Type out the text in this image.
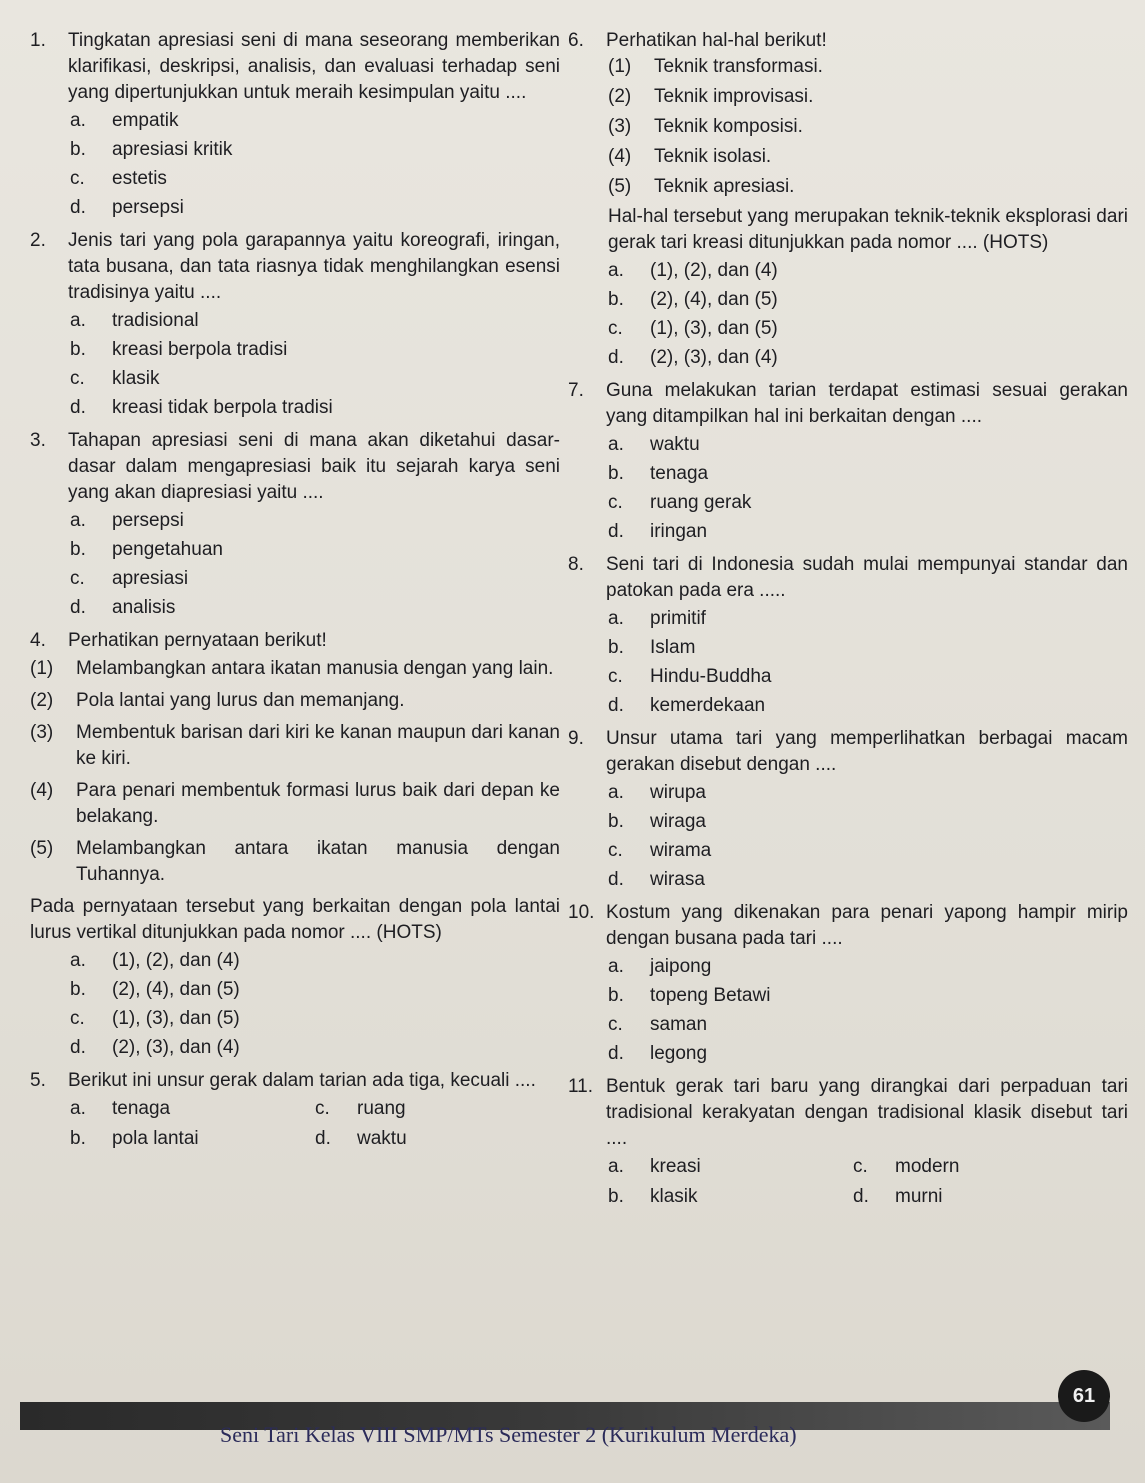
1.	Tingkatan apresiasi seni di mana seseorang memberikan klarifikasi, deskripsi, analisis, dan evaluasi terhadap seni yang dipertunjukkan untuk meraih kesimpulan yaitu ....
a.	empatik
b.	apresiasi kritik
c.	estetis
d.	persepsi
2.	Jenis tari yang pola garapannya yaitu koreografi, iringan, tata busana, dan tata riasnya tidak menghilangkan esensi tradisinya yaitu ....
a.	tradisional
b.	kreasi berpola tradisi
c.	klasik
d.	kreasi tidak berpola tradisi
3.	Tahapan apresiasi seni di mana akan diketahui dasar-dasar dalam mengapresiasi baik itu sejarah karya seni yang akan diapresiasi yaitu ....
a.	persepsi
b.	pengetahuan
c.	apresiasi
d.	analisis
4.	Perhatikan pernyataan berikut!
(1)	Melambangkan antara ikatan manusia dengan yang lain.
(2)	Pola lantai yang lurus dan memanjang.
(3)	Membentuk barisan dari kiri ke kanan maupun dari kanan ke kiri.
(4)	Para penari membentuk formasi lurus baik dari depan ke belakang.
(5)	Melambangkan antara ikatan manusia dengan Tuhannya.
Pada pernyataan tersebut yang berkaitan dengan pola lantai lurus vertikal ditunjukkan pada nomor .... (HOTS)
a.	(1), (2), dan (4)
b.	(2), (4), dan (5)
c.	(1), (3), dan (5)
d.	(2), (3), dan (4)
5.	Berikut ini unsur gerak dalam tarian ada tiga, kecuali ....
a.	tenaga	c.	ruang
b.	pola lantai	d.	waktu
6.	Perhatikan hal-hal berikut!
(1)	Teknik transformasi.
(2)	Teknik improvisasi.
(3)	Teknik komposisi.
(4)	Teknik isolasi.
(5)	Teknik apresiasi.
Hal-hal tersebut yang merupakan teknik-teknik eksplorasi dari gerak tari kreasi ditunjukkan pada nomor .... (HOTS)
a.	(1), (2), dan (4)
b.	(2), (4), dan (5)
c.	(1), (3), dan (5)
d.	(2), (3), dan (4)
7.	Guna melakukan tarian terdapat estimasi sesuai gerakan yang ditampilkan hal ini berkaitan dengan ....
a.	waktu
b.	tenaga
c.	ruang gerak
d.	iringan
8.	Seni tari di Indonesia sudah mulai mempunyai standar dan patokan pada era .....
a.	primitif
b.	Islam
c.	Hindu-Buddha
d.	kemerdekaan
9.	Unsur utama tari yang memperlihatkan berbagai macam gerakan disebut dengan ....
a.	wirupa
b.	wiraga
c.	wirama
d.	wirasa
10. Kostum yang dikenakan para penari yapong hampir mirip dengan busana pada tari ....
a.	jaipong
b.	topeng Betawi
c.	saman
d.	legong
11. Bentuk gerak tari baru yang dirangkai dari perpaduan tari tradisional kerakyatan dengan tradisional klasik disebut tari ....
a.	kreasi	c.	modern
b.	klasik	d.	murni
61
Seni Tari Kelas VIII SMP/MTs Semester 2 (Kurikulum Merdeka)
